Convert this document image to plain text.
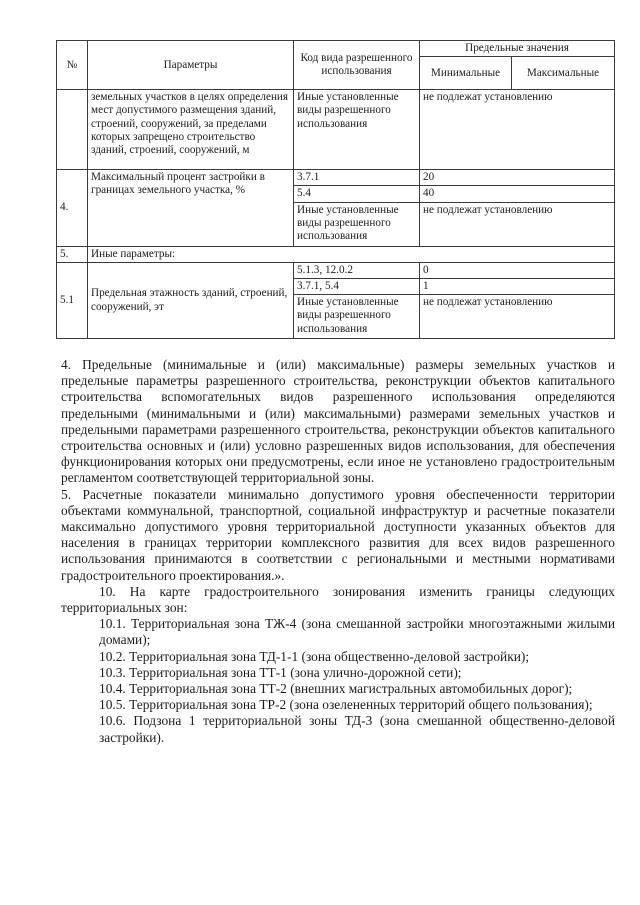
№	Параметры	Код вида разрешенного использования	Предельные значения	
			Минимальные	Максимальные
	земельных участков в целях определения мест допустимого размещения зданий, строений, сооружений, за пределами которых запрещено строительство зданий, строений, сооружений, м	Иные установленные виды разрешенного использования	не подлежат установлению	
4.	Максимальный процент застройки в границах земельного участка, %	3.7.1	20	
		5.4	40	
		Иные установленные виды разрешенного использования	не подлежат установлению	
5.	Иные параметры:			
5.1	Предельная этажность зданий, строений, сооружений, эт	5.1.3, 12.0.2	0	
		3.7.1, 5.4	1	
		Иные установленные виды разрешенного использования	не подлежат установлению	

4. Предельные (минимальные и (или) максимальные) размеры земельных участков и предельные параметры разрешенного строительства, реконструкции объектов капитального строительства вспомогательных видов разрешенного использования определяются предельными (минимальными и (или) максимальными) размерами земельных участков и предельными параметрами разрешенного строительства, реконструкции объектов капитального строительства основных и (или) условно разрешенных видов использования, для обеспечения функционирования которых они предусмотрены, если иное не установлено градостроительным регламентом соответствующей территориальной зоны.

5. Расчетные показатели минимально допустимого уровня обеспеченности территории объектами коммунальной, транспортной, социальной инфраструктур и расчетные показатели максимально допустимого уровня территориальной доступности указанных объектов для населения в границах территории комплексного развития для всех видов разрешенного использования принимаются в соответствии с региональными и местными нормативами градостроительного проектирования.».

10. На карте градостроительного зонирования изменить границы следующих территориальных зон:

10.1. Территориальная зона ТЖ-4 (зона смешанной застройки многоэтажными жилыми домами);

10.2. Территориальная зона ТД-1-1 (зона общественно-деловой застройки);

10.3. Территориальная зона ТТ-1 (зона улично-дорожной сети);

10.4. Территориальная зона ТТ-2 (внешних магистральных автомобильных дорог);

10.5. Территориальная зона ТР-2 (зона озелененных территорий общего пользования);

10.6. Подзона 1 территориальной зоны ТД-3 (зона смешанной общественно-деловой застройки).
